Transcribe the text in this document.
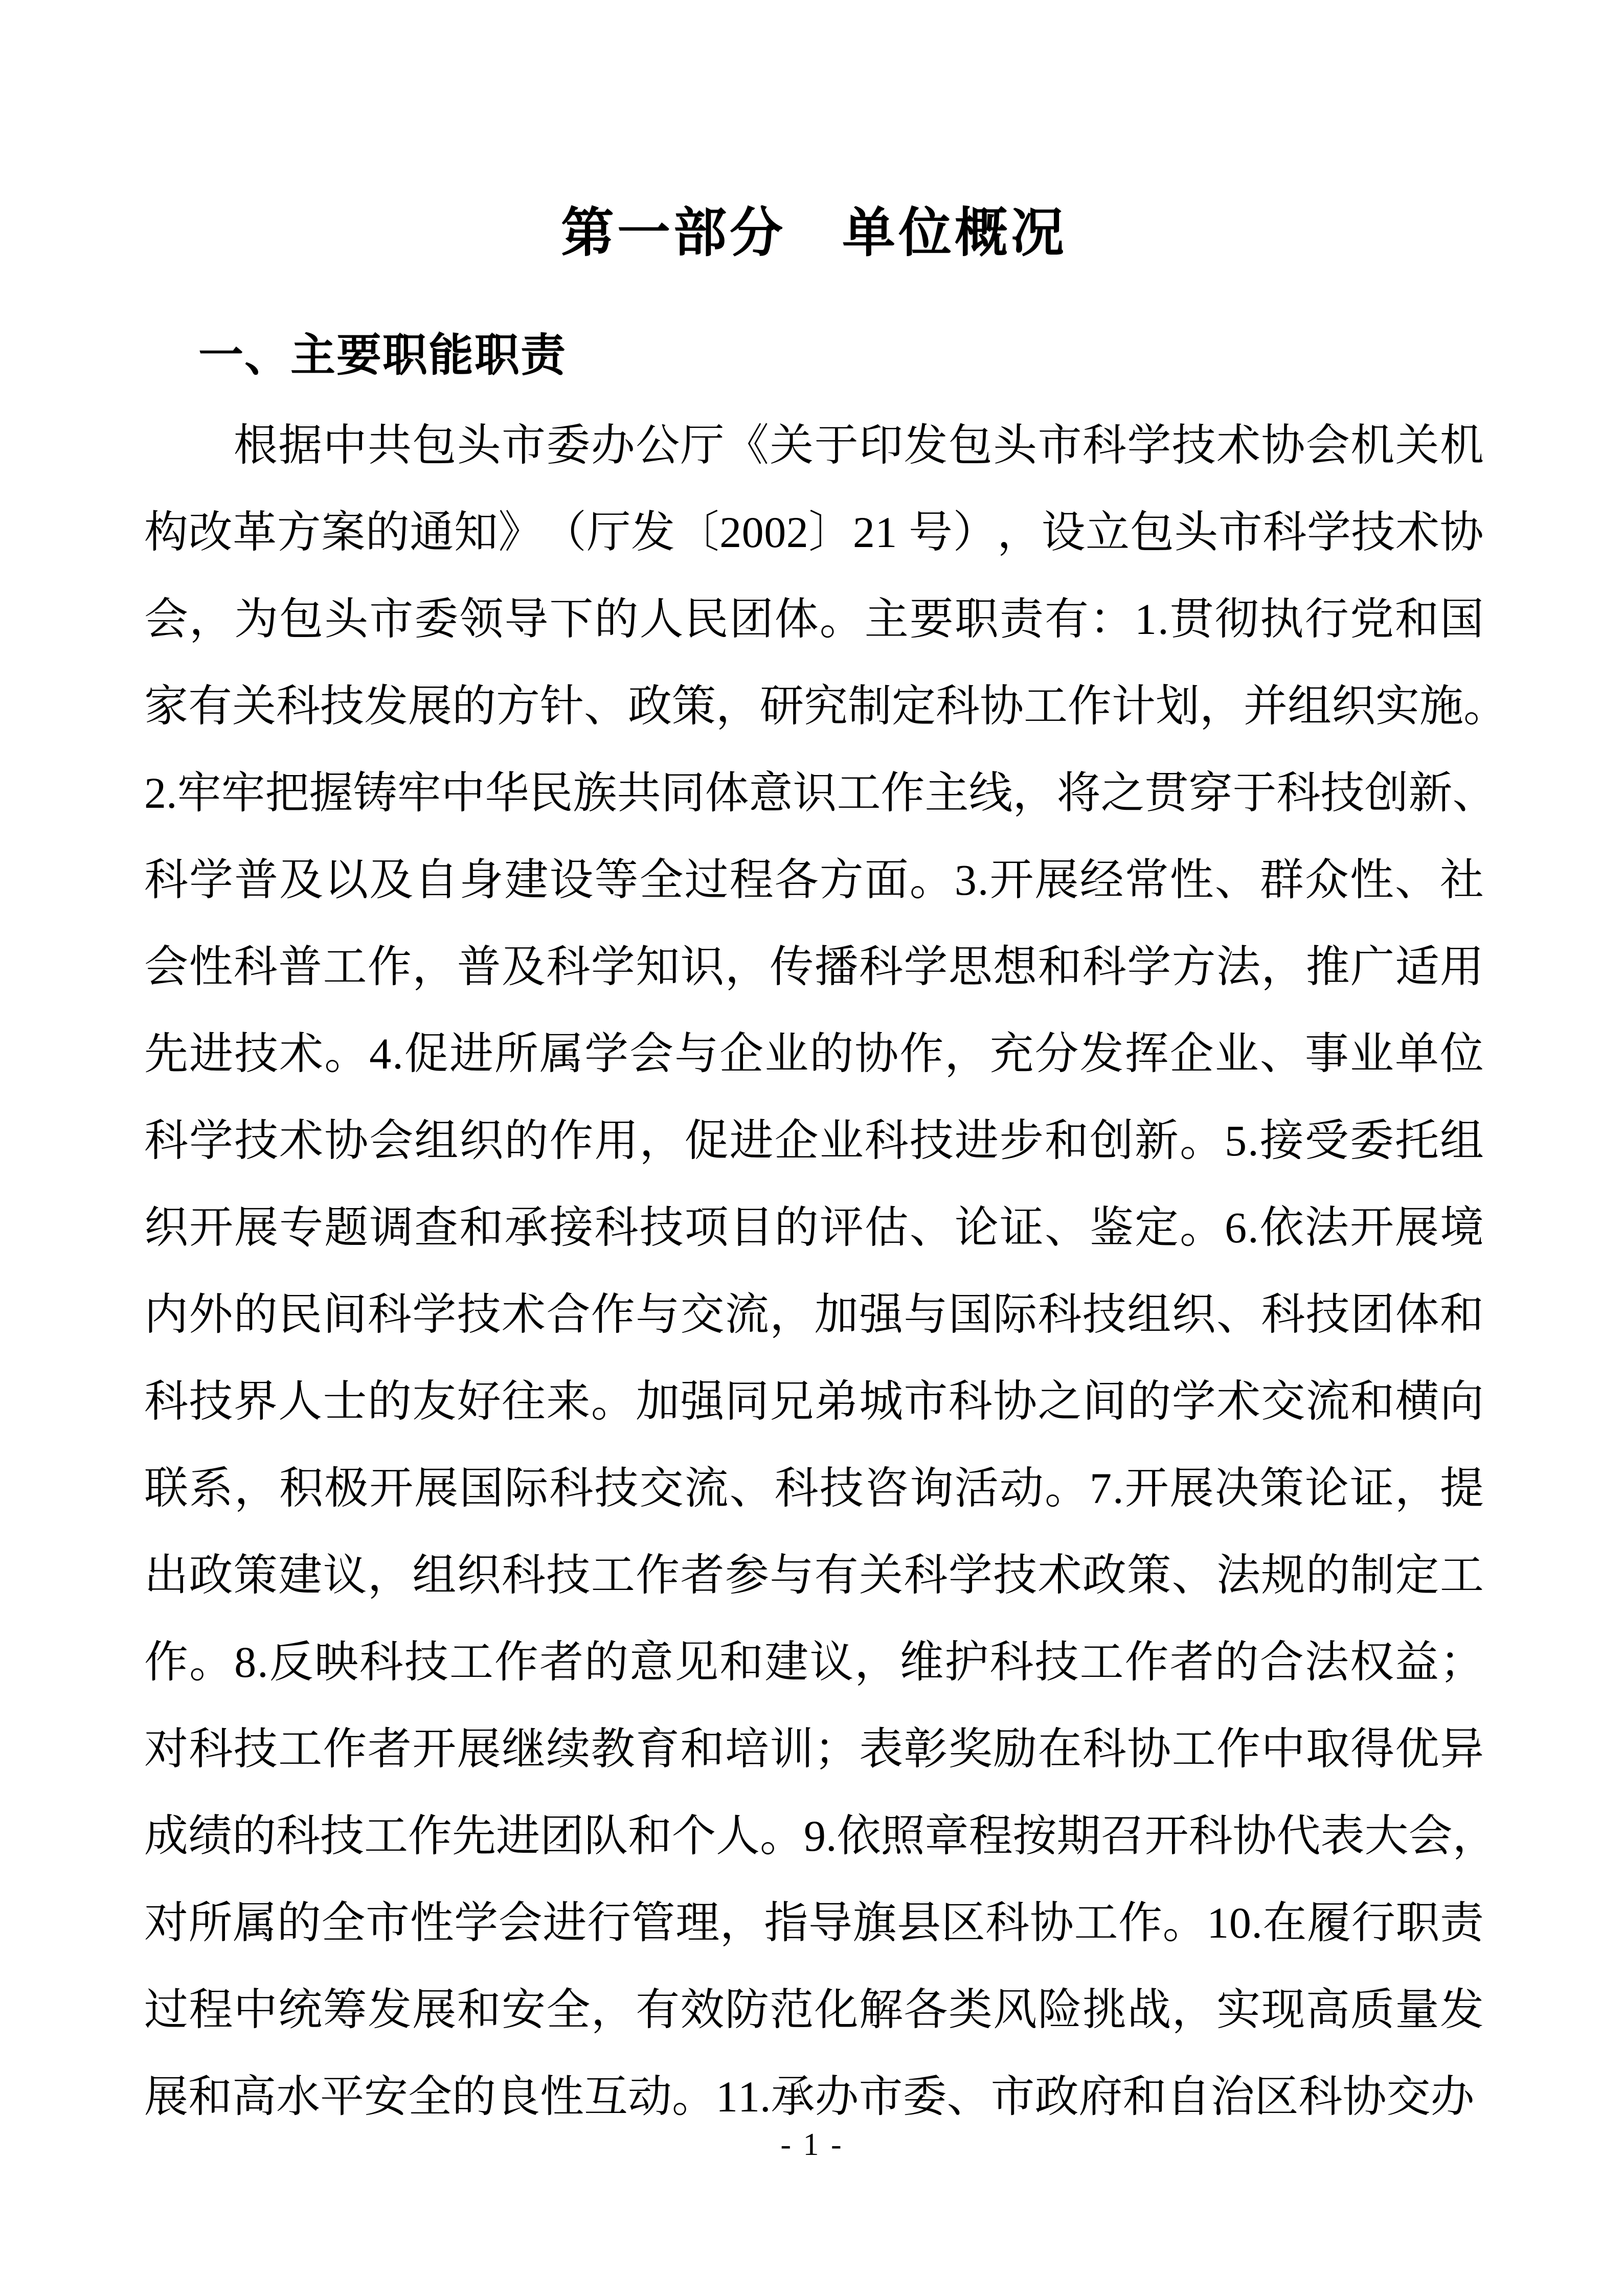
第一部分　单位概况
一、主要职能职责

根 据 中 共 包 头 市 委 办 公 厅 《 关 于 印 发 包 头 市 科 学 技 术 协 会 机 关 机
构 改 革 方 案 的 通 知 》 （ 厅 发 〔 2 0 0 2 〕 2 1
号 ） ， 设 立 包 头 市 科 学 技 术 协
会 ， 为 包 头 市 委 领 导 下 的 人 民 团 体 。 主 要 职 责 有 ： 1 . 贯 彻 执 行 党 和 国
家 有 关 科 技 发 展 的 方 针 、 政 策 ， 研 究 制 定 科 协 工 作 计 划 ， 并 组 织 实 施 。
2 . 牢 牢 把 握 铸 牢 中 华 民 族 共 同 体 意 识 工 作 主 线 ， 将 之 贯 穿 于 科 技 创 新 、
科 学 普 及 以 及 自 身 建 设 等 全 过 程 各 方 面 。 3 . 开 展 经 常 性 、 群 众 性 、 社
会 性 科 普 工 作 ， 普 及 科 学 知 识 ， 传 播 科 学 思 想 和 科 学 方 法 ， 推 广 适 用
先 进 技 术 。 4 . 促 进 所 属 学 会 与 企 业 的 协 作 ， 充 分 发 挥 企 业 、 事 业 单 位
科 学 技 术 协 会 组 织 的 作 用 ， 促 进 企 业 科 技 进 步 和 创 新 。 5 . 接 受 委 托 组
织 开 展 专 题 调 查 和 承 接 科 技 项 目 的 评 估 、 论 证 、 鉴 定 。 6 . 依 法 开 展 境
内 外 的 民 间 科 学 技 术 合 作 与 交 流 ， 加 强 与 国 际 科 技 组 织 、 科 技 团 体 和
科 技 界 人 士 的 友 好 往 来 。 加 强 同 兄 弟 城 市 科 协 之 间 的 学 术 交 流 和 横 向
联 系 ， 积 极 开 展 国 际 科 技 交 流 、 科 技 咨 询 活 动 。 7 . 开 展 决 策 论 证 ， 提
出 政 策 建 议 ， 组 织 科 技 工 作 者 参 与 有 关 科 学 技 术 政 策 、 法 规 的 制 定 工
作 。 8 . 反 映 科 技 工 作 者 的 意 见 和 建 议 ， 维 护 科 技 工 作 者 的 合 法 权 益 ；
对 科 技 工 作 者 开 展 继 续 教 育 和 培 训 ； 表 彰 奖 励 在 科 协 工 作 中 取 得 优 异
成 绩 的 科 技 工 作 先 进 团 队 和 个 人 。 9 . 依 照 章 程 按 期 召 开 科 协 代 表 大 会 ，
对 所 属 的 全 市 性 学 会 进 行 管 理 ， 指 导 旗 县 区 科 协 工 作 。 1 0 . 在 履 行 职 责
过 程 中 统 筹 发 展 和 安 全 ， 有 效 防 范 化 解 各 类 风 险 挑 战 ， 实 现 高 质 量 发
展 和 高 水 平 安 全 的 良 性 互 动 。 1 1 . 承 办 市 委 、 市 政 府 和 自 治 区 科 协 交 办
- 1 -
